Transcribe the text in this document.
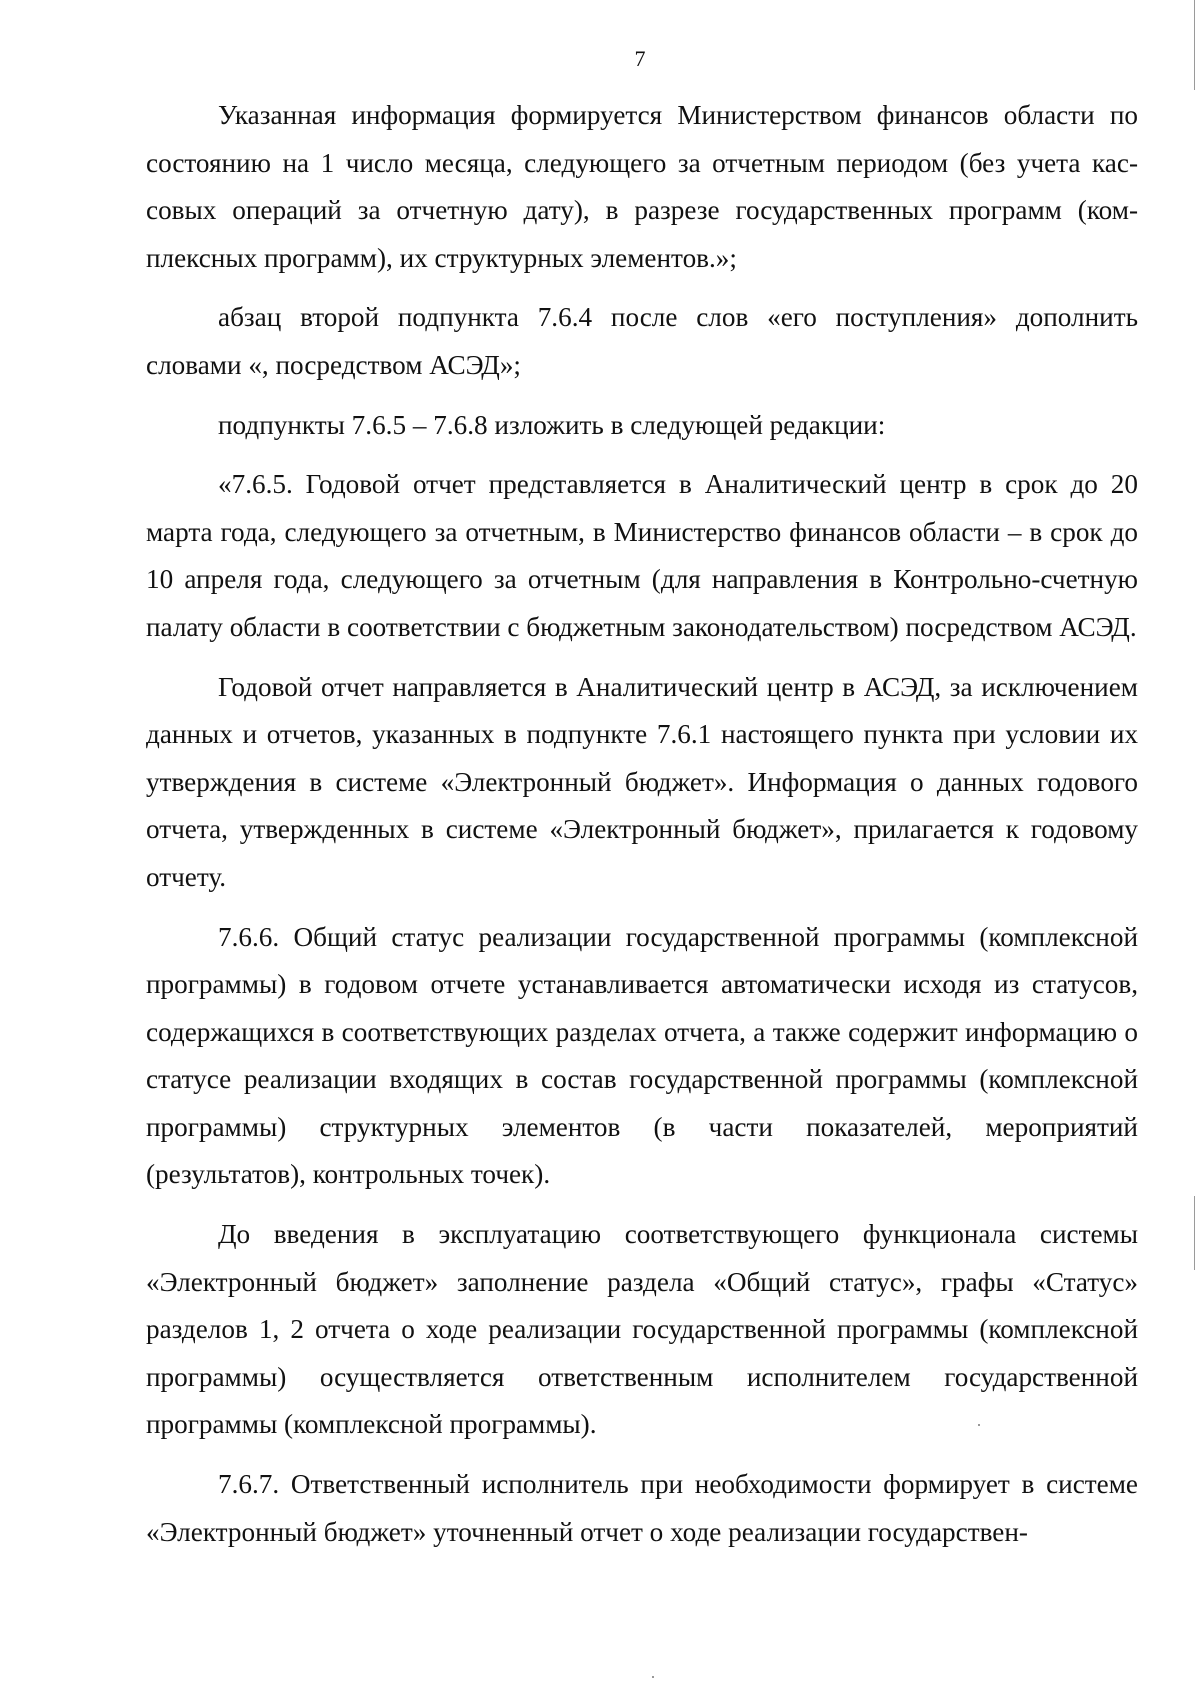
7

Указанная информация формируется Министерством финансов области по состоянию на 1 число месяца, следующего за отчетным периодом (без учета кассовых операций за отчетную дату), в разрезе государственных программ (комплексных программ), их структурных элементов.»;

абзац второй подпункта 7.6.4 после слов «его поступления» дополнить словами «, посредством АСЭД»;

подпункты 7.6.5 – 7.6.8 изложить в следующей редакции:

«7.6.5. Годовой отчет представляется в Аналитический центр в срок до 20 марта года, следующего за отчетным, в Министерство финансов области – в срок до 10 апреля года, следующего за отчетным (для направления в Контрольно-счетную палату области в соответствии с бюджетным законодательством) посредством АСЭД.

Годовой отчет направляется в Аналитический центр в АСЭД, за исключением данных и отчетов, указанных в подпункте 7.6.1 настоящего пункта при условии их утверждения в системе «Электронный бюджет». Информация о данных годового отчета, утвержденных в системе «Электронный бюджет», прилагается к годовому отчету.

7.6.6. Общий статус реализации государственной программы (комплексной программы) в годовом отчете устанавливается автоматически исходя из статусов, содержащихся в соответствующих разделах отчета, а также содержит информацию о статусе реализации входящих в состав государственной программы (комплексной программы) структурных элементов (в части показателей, мероприятий (результатов), контрольных точек).

До введения в эксплуатацию соответствующего функционала системы «Электронный бюджет» заполнение раздела «Общий статус», графы «Статус» разделов 1, 2 отчета о ходе реализации государственной программы (комплексной программы) осуществляется ответственным исполнителем государственной программы (комплексной программы).

7.6.7. Ответственный исполнитель при необходимости формирует в системе «Электронный бюджет» уточненный отчет о ходе реализации государствен-
